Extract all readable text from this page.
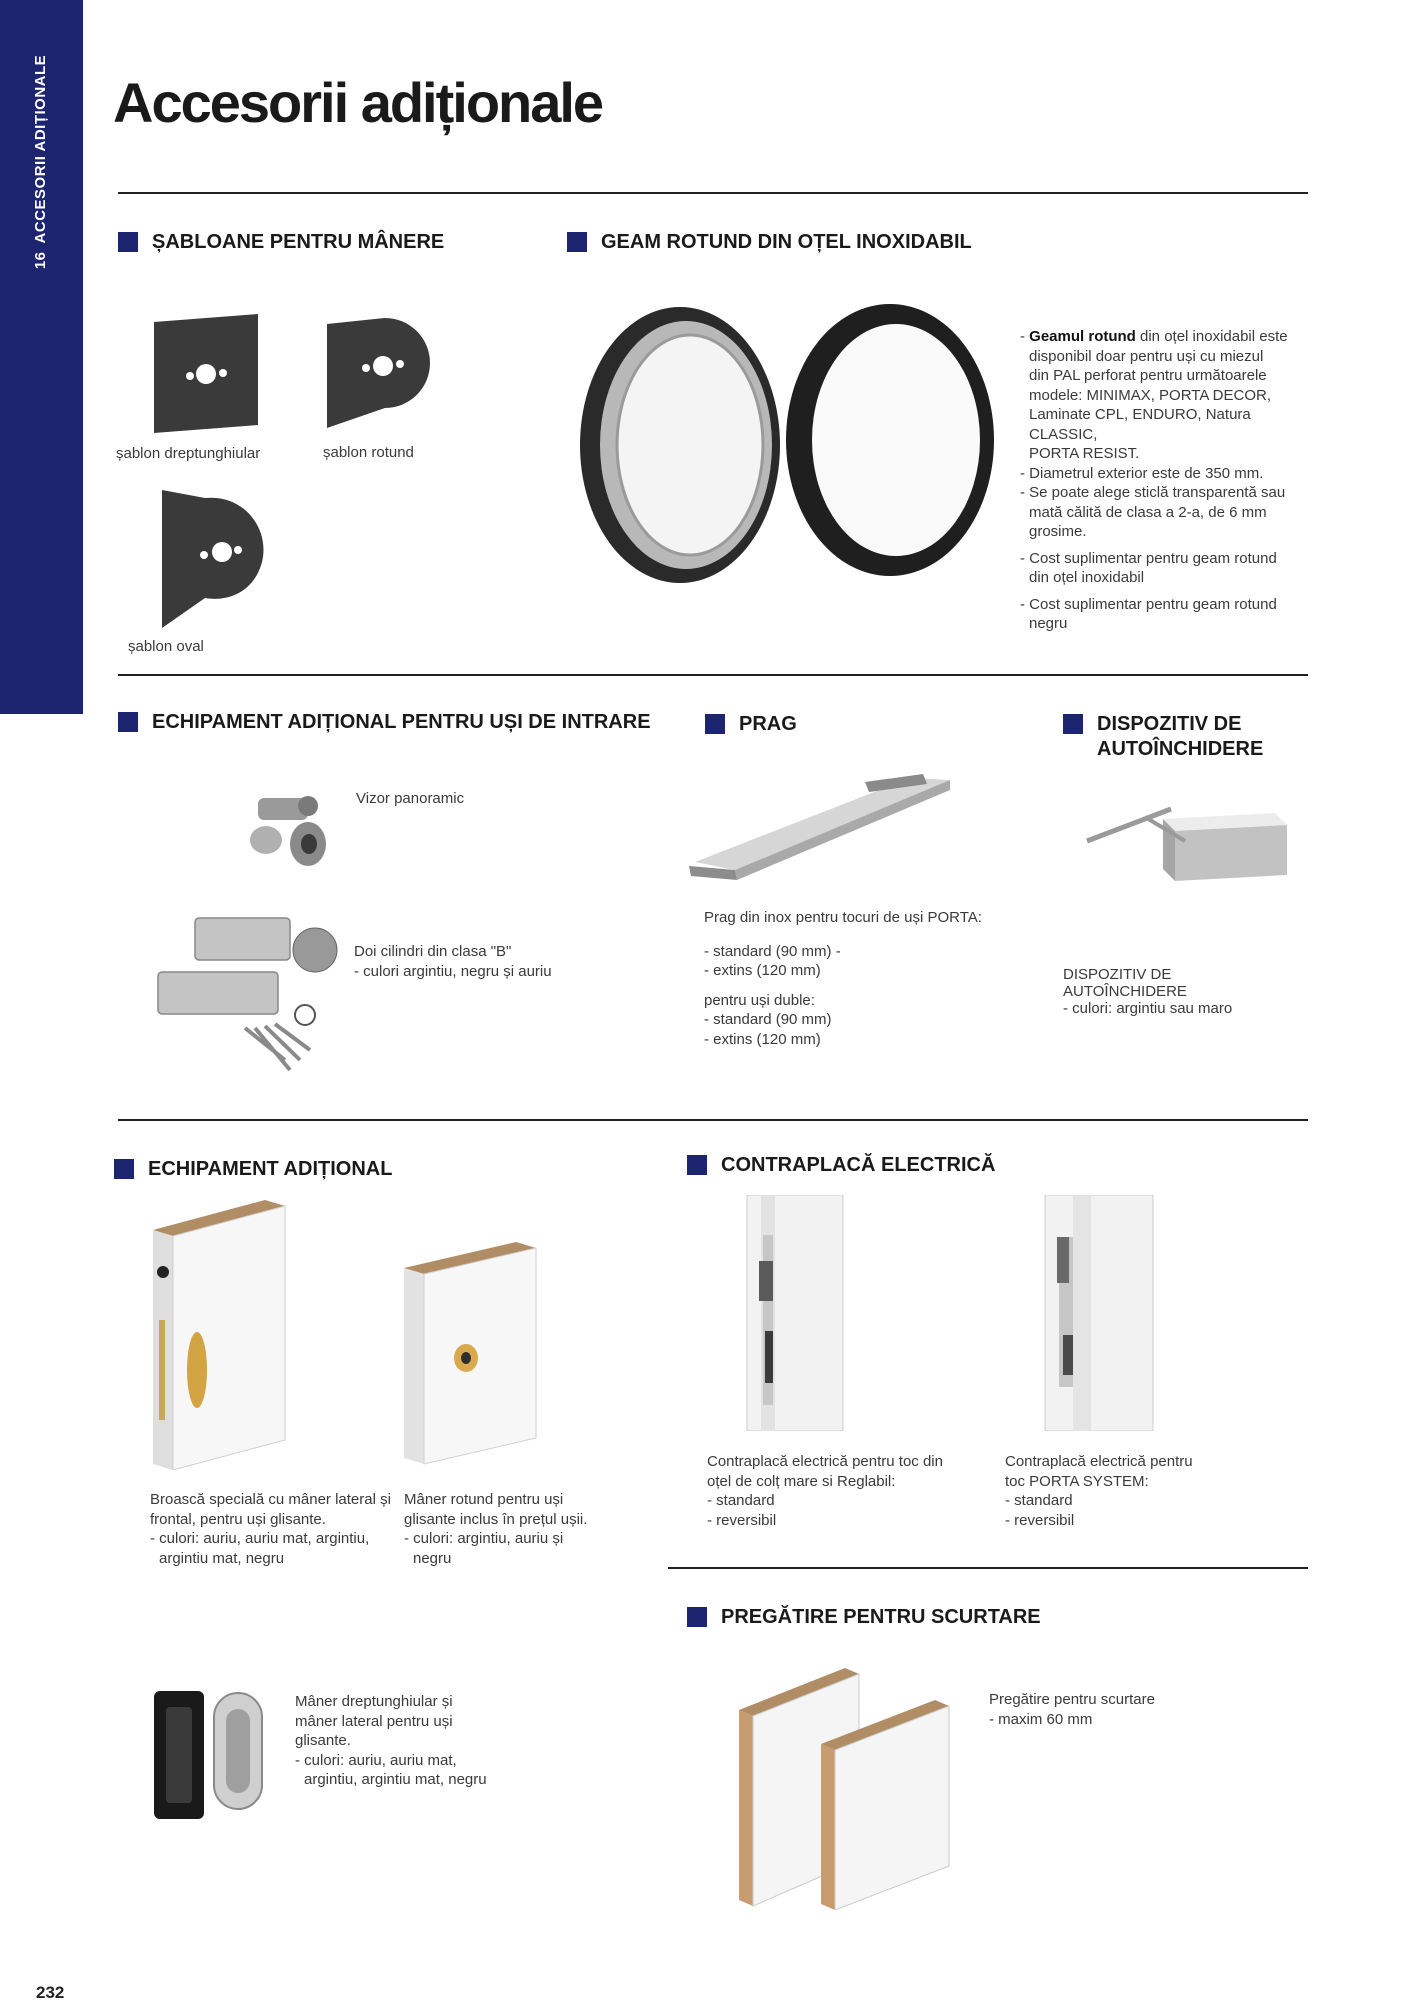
16ACCESORII ADIȚIONALE Accesorii adiționale
ȘABLOANE PENTRU MÂNERE
șablon dreptunghiular	șablon rotund
șablon oval
GEAM ROTUND DIN OȚEL INOXIDABIL
- Geamul rotund din oțel inoxidabil este
disponibil doar pentru uși cu miezul
din PAL perforat pentru următoarele
modele: MINIMAX, PORTA DECOR,
Laminate CPL, ENDURO, Natura CLASSIC,
PORTA RESIST.
- Diametrul exterior este de 350 mm.
- Se poate alege sticlă transparentă sau
mată călită de clasa a 2-a, de 6 mm
grosime.
- Cost suplimentar pentru geam rotund
din oțel inoxidabil
- Cost suplimentar pentru geam rotund
negru
ECHIPAMENT ADIȚIONAL PENTRU UȘI DE INTRARE
Vizor panoramic
Doi cilindri din clasa "B"
- culori argintiu, negru și auriu
PRAG
Prag din inox pentru tocuri de uși PORTA:
- standard (90 mm) -
- extins (120 mm)
pentru uși duble:
- standard (90 mm)
- extins (120 mm)
DISPOZITIV DE
AUTOÎNCHIDERE
DISPOZITIV DE
AUTOÎNCHIDERE
- culori: argintiu sau maro
ECHIPAMENT ADIȚIONAL
Broască specială cu mâner lateral și
frontal, pentru uși glisante.
- culori: auriu, auriu mat, argintiu,
argintiu mat, negru
Mâner rotund pentru uși
glisante inclus în prețul ușii.
- culori: argintiu, auriu și
negru
Mâner dreptunghiular și
mâner lateral pentru uși
glisante.
- culori: auriu, auriu mat,
argintiu, argintiu mat, negru
CONTRAPLACĂ ELECTRICĂ
Contraplacă electrică pentru toc din
oțel de colț mare si Reglabil:
- standard
- reversibil
Contraplacă electrică pentru
toc PORTA SYSTEM:
- standard
- reversibil
PREGĂTIRE PENTRU SCURTARE
Pregătire pentru scurtare
- maxim 60 mm
232
